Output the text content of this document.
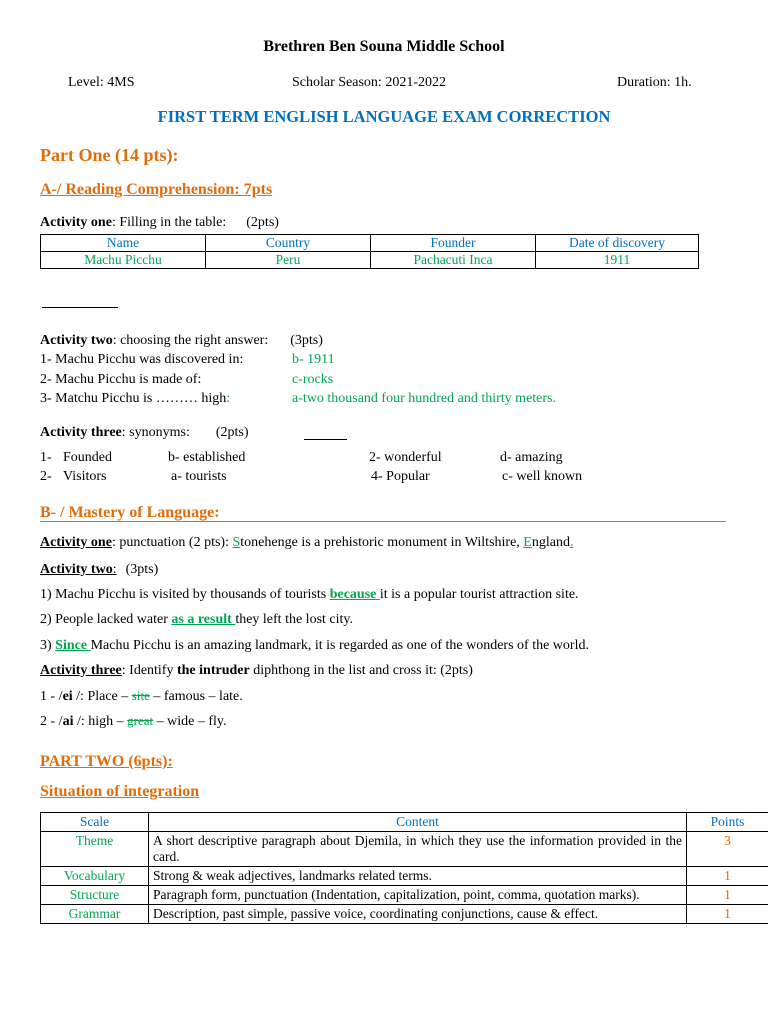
Brethren Ben Souna Middle School
Level: 4MS	Scholar Season: 2021-2022	Duration: 1h.
FIRST TERM ENGLISH LANGUAGE EXAM CORRECTION
Part One (14 pts):
A-/ Reading Comprehension: 7pts
Activity one: Filling in the table: (2pts)
Name	Country	Founder	Date of discovery
Machu Picchu	Peru	Pachacuti Inca	1911
Activity two: choosing the right answer: (3pts)
1- Machu Picchu was discovered in:	b- 1911
2- Machu Picchu is made of:	c-rocks
3- Matchu Picchu is ……… high:	a-two thousand four hundred and thirty meters.
Activity three: synonyms: (2pts)
1- Founded	b- established	2- wonderful	d- amazing
2- Visitors	a- tourists	4- Popular	c- well known
B- / Mastery of Language:
Activity one: punctuation (2 pts): Stonehenge is a prehistoric monument in Wiltshire, England.
Activity two: (3pts)
1) Machu Picchu is visited by thousands of tourists because it is a popular tourist attraction site.
2) People lacked water as a result they left the lost city.
3) Since Machu Picchu is an amazing landmark, it is regarded as one of the wonders of the world.
Activity three: Identify the intruder diphthong in the list and cross it: (2pts)
1 - /ei /: Place – site – famous – late.
2 - /ai /: high – great – wide – fly.
PART TWO (6pts):
Situation of integration
Scale	Content	Points
Theme	A short descriptive paragraph about Djemila, in which they use the information provided in the card.	3
Vocabulary	Strong & weak adjectives, landmarks related terms.	1
Structure	Paragraph form, punctuation (Indentation, capitalization, point, comma, quotation marks).	1
Grammar	Description, past simple, passive voice, coordinating conjunctions, cause & effect.	1
